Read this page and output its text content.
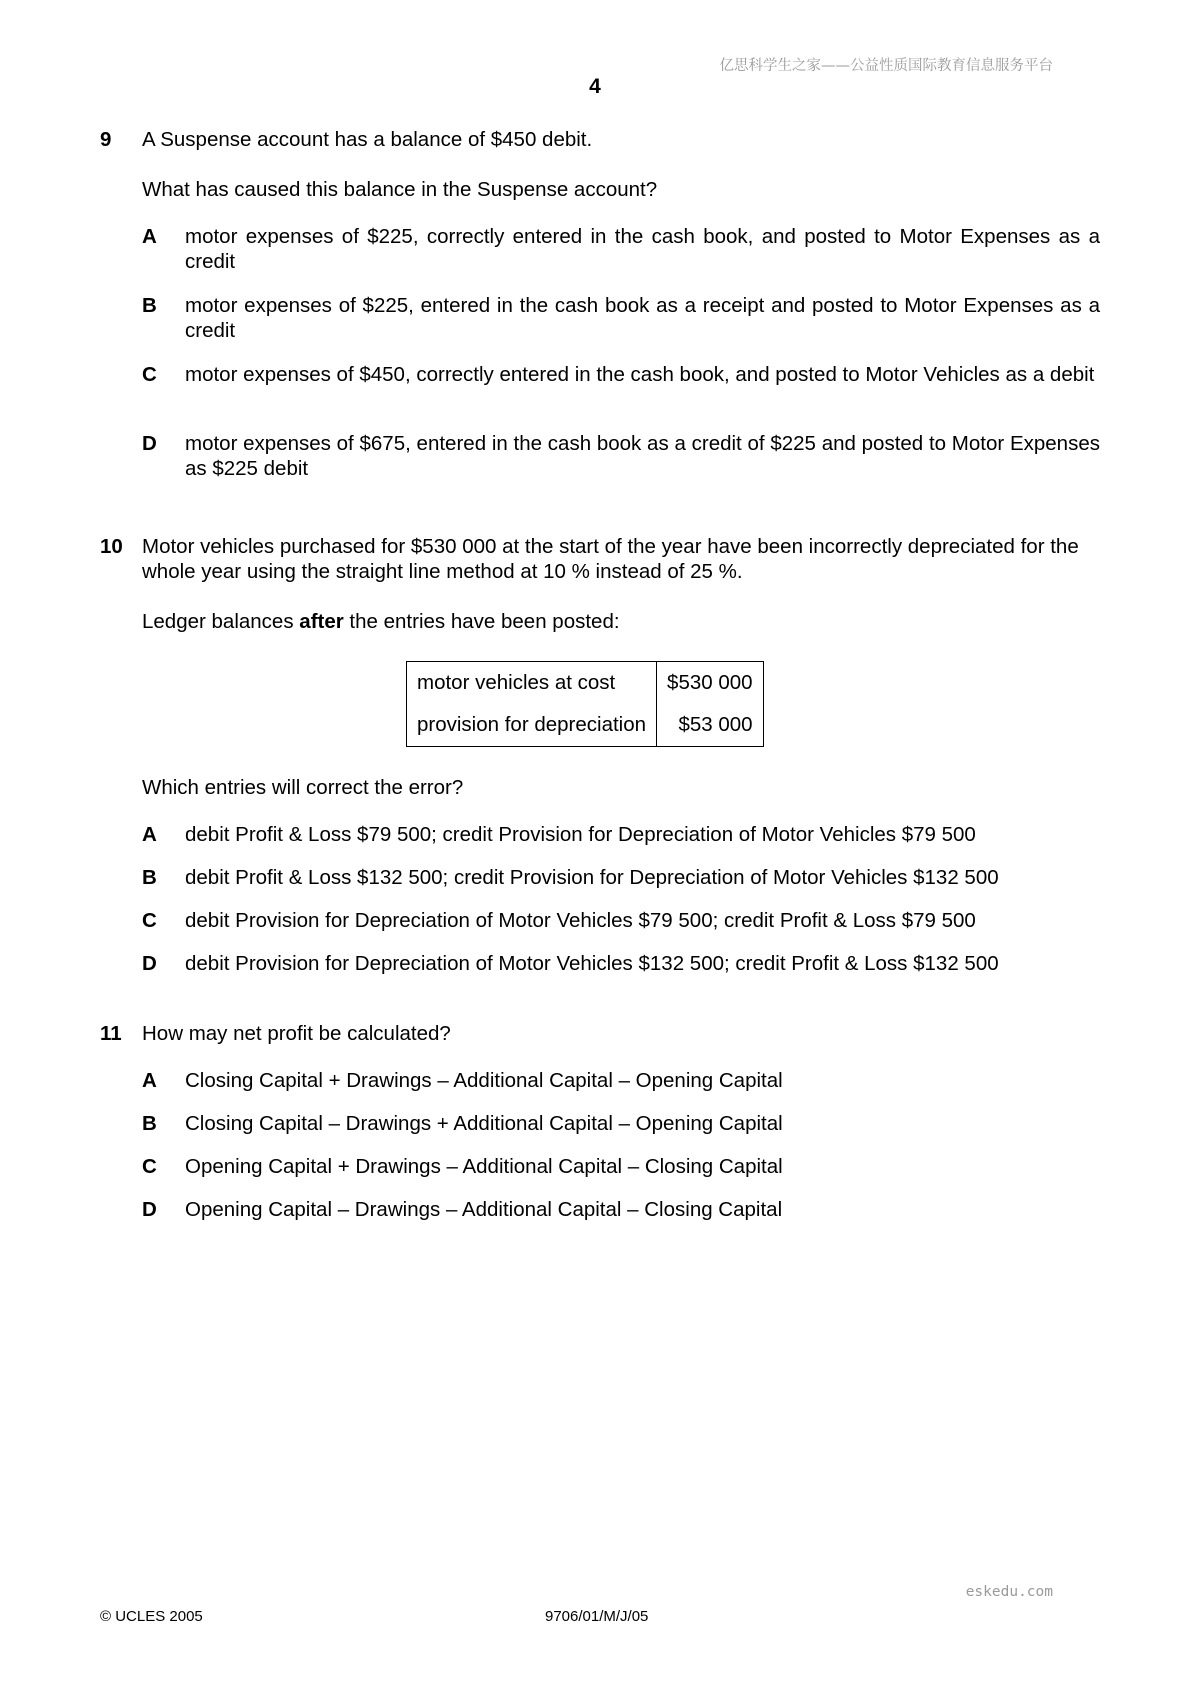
亿思科学生之家——公益性质国际教育信息服务平台
4
9 A Suspense account has a balance of $450 debit.
What has caused this balance in the Suspense account?
A motor expenses of $225, correctly entered in the cash book, and posted to Motor Expenses as a credit
B motor expenses of $225, entered in the cash book as a receipt and posted to Motor Expenses as a credit
C motor expenses of $450, correctly entered in the cash book, and posted to Motor Vehicles as a debit
D motor expenses of $675, entered in the cash book as a credit of $225 and posted to Motor Expenses as $225 debit
10 Motor vehicles purchased for $530 000 at the start of the year have been incorrectly depreciated for the whole year using the straight line method at 10 % instead of 25 %.
Ledger balances after the entries have been posted:
motor vehicles at cost	$530 000
provision for depreciation	$53 000
Which entries will correct the error?
A debit Profit & Loss $79 500; credit Provision for Depreciation of Motor Vehicles $79 500
B debit Profit & Loss $132 500; credit Provision for Depreciation of Motor Vehicles $132 500
C debit Provision for Depreciation of Motor Vehicles $79 500; credit Profit & Loss $79 500
D debit Provision for Depreciation of Motor Vehicles $132 500; credit Profit & Loss $132 500
11 How may net profit be calculated?
A Closing Capital + Drawings – Additional Capital – Opening Capital
B Closing Capital – Drawings + Additional Capital – Opening Capital
C Opening Capital + Drawings – Additional Capital – Closing Capital
D Opening Capital – Drawings – Additional Capital – Closing Capital
eskedu.com
© UCLES 2005	9706/01/M/J/05
